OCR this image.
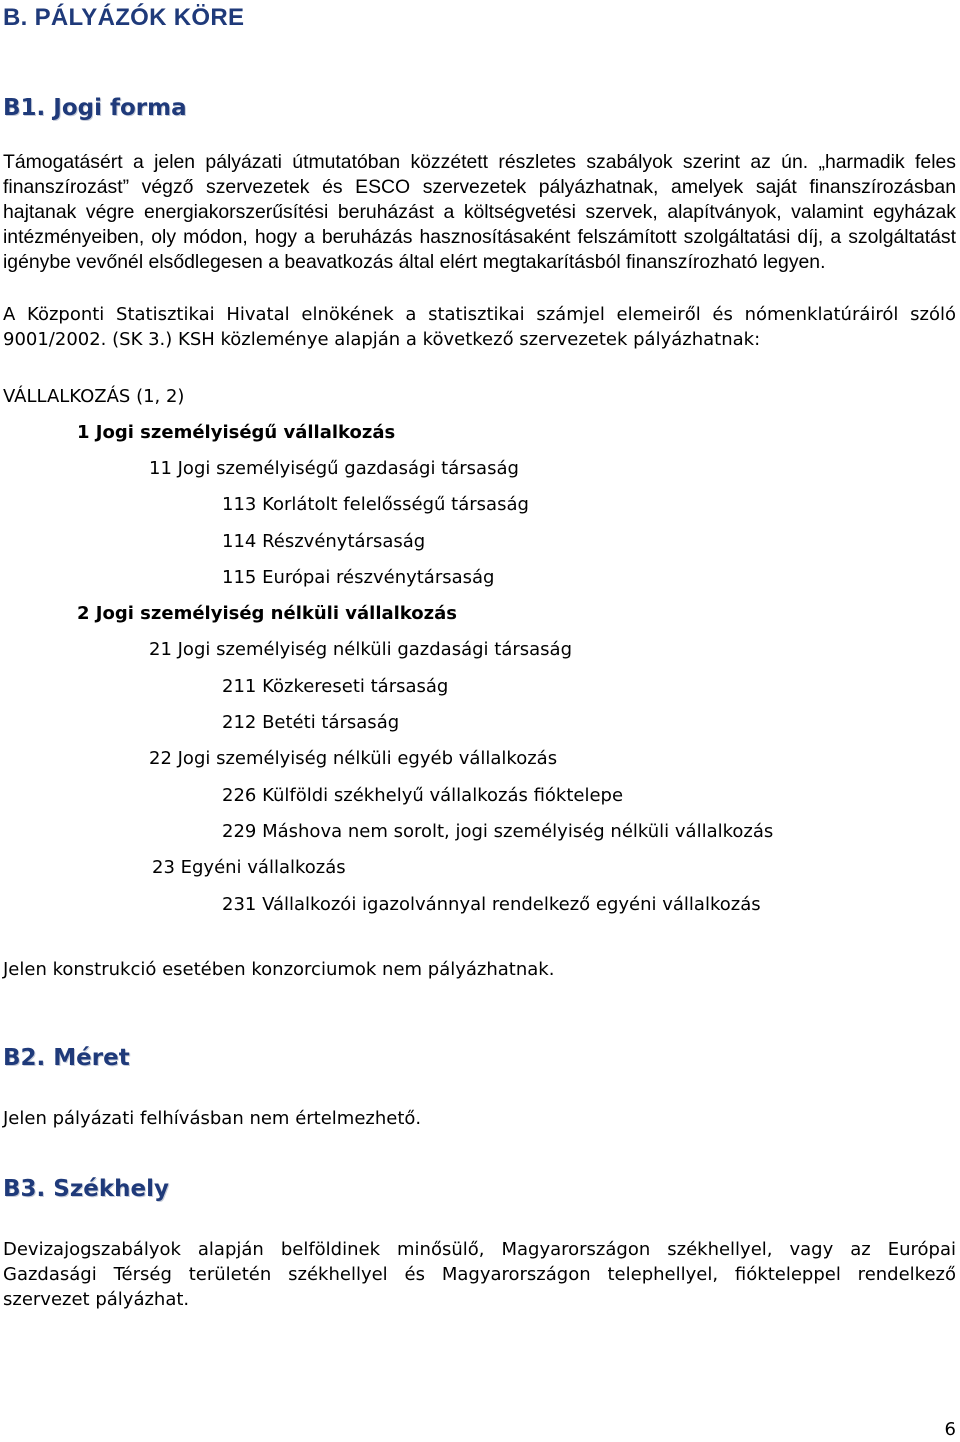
B. PÁLYÁZÓK KÖRE
B1. Jogi forma

Támogatásért a jelen pályázati útmutatóban közzétett részletes szabályok szerint az ún. „harmadik feles finanszírozást” végző szervezetek és ESCO szervezetek pályázhatnak, amelyek saját finanszírozásban hajtanak végre energiakorszerűsítési beruházást a költségvetési szervek, alapítványok, valamint egyházak intézményeiben, oly módon, hogy a beruházás hasznosításaként felszámított szolgáltatási díj, a szolgáltatást igénybe vevőnél elsődlegesen a beavatkozás által elért megtakarításból finanszírozható legyen.

A Központi Statisztikai Hivatal elnökének a statisztikai számjel elemeiről és nómenklatúráiról szóló 9001/2002. (SK 3.) KSH közleménye alapján a következő szervezetek pályázhatnak:

VÁLLALKOZÁS (1, 2)
1 Jogi személyiségű vállalkozás
11 Jogi személyiségű gazdasági társaság
113 Korlátolt felelősségű társaság
114 Részvénytársaság
115 Európai részvénytársaság
2 Jogi személyiség nélküli vállalkozás
21 Jogi személyiség nélküli gazdasági társaság
211 Közkereseti társaság
212 Betéti társaság
22 Jogi személyiség nélküli egyéb vállalkozás
226 Külföldi székhelyű vállalkozás fióktelepe
229 Máshova nem sorolt, jogi személyiség nélküli vállalkozás
23 Egyéni vállalkozás
231 Vállalkozói igazolvánnyal rendelkező egyéni vállalkozás
Jelen konstrukció esetében konzorciumok nem pályázhatnak.
B2. Méret
Jelen pályázati felhívásban nem értelmezhető.
B3. Székhely

Devizajogszabályok alapján belföldinek minősülő, Magyarországon székhellyel, vagy az Európai Gazdasági Térség területén székhellyel és Magyarországon telephellyel, fiókteleppel rendelkező szervezet pályázhat.

6
